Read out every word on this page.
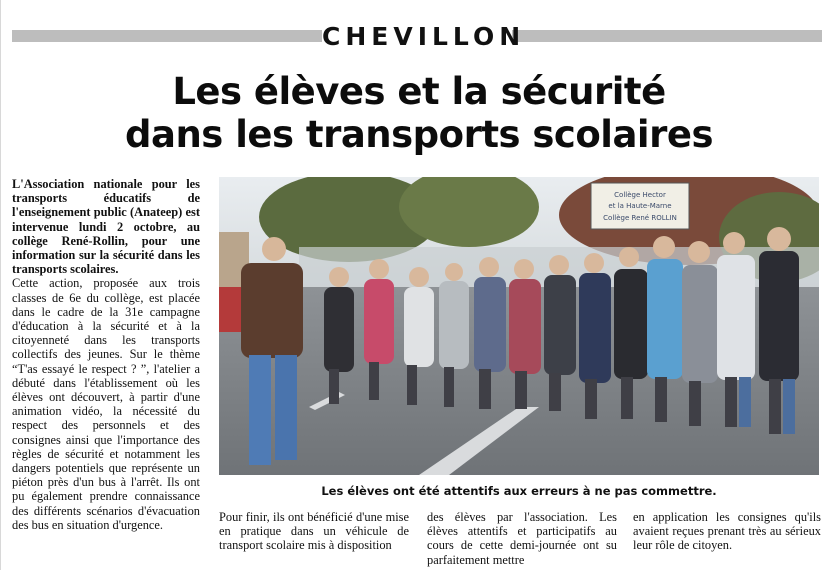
CHEVILLON
Les élèves et la sécurité
dans les transports scolaires

L'Association nationale pour les transports éducatifs de l'enseignement public (Anateep) est intervenue lundi 2 octobre, au collège René-Rollin, pour une information sur la sécurité dans les transports scolaires.

Cette action, proposée aux trois classes de 6e du collège, est placée dans le cadre de la 31e campagne d'éducation à la sécurité et à la citoyenneté dans les transports collectifs des jeunes. Sur le thème “T'as essayé le respect ? ”, l'atelier a débuté dans l'établissement où les élèves ont découvert, à partir d'une animation vidéo, la nécessité du respect des personnels et des consignes ainsi que l'importance des règles de sécurité et notamment les dangers potentiels que représente un piéton près d'un bus à l'arrêt. Ils ont pu également prendre connaissance des différents scénarios d'évacuation des bus en situation d'urgence.

Collège Hector
et la Haute-Marne
Collège René ROLLIN
Les élèves ont été attentifs aux erreurs à ne pas commettre.
Pour finir, ils ont bénéficié d'une mise en pratique dans un véhicule de transport scolaire mis à disposition
des élèves par l'association. Les élèves attentifs et participatifs au cours de cette demi-journée ont su parfaitement mettre
en application les consignes qu'ils avaient reçues prenant très au sérieux leur rôle de citoyen.
